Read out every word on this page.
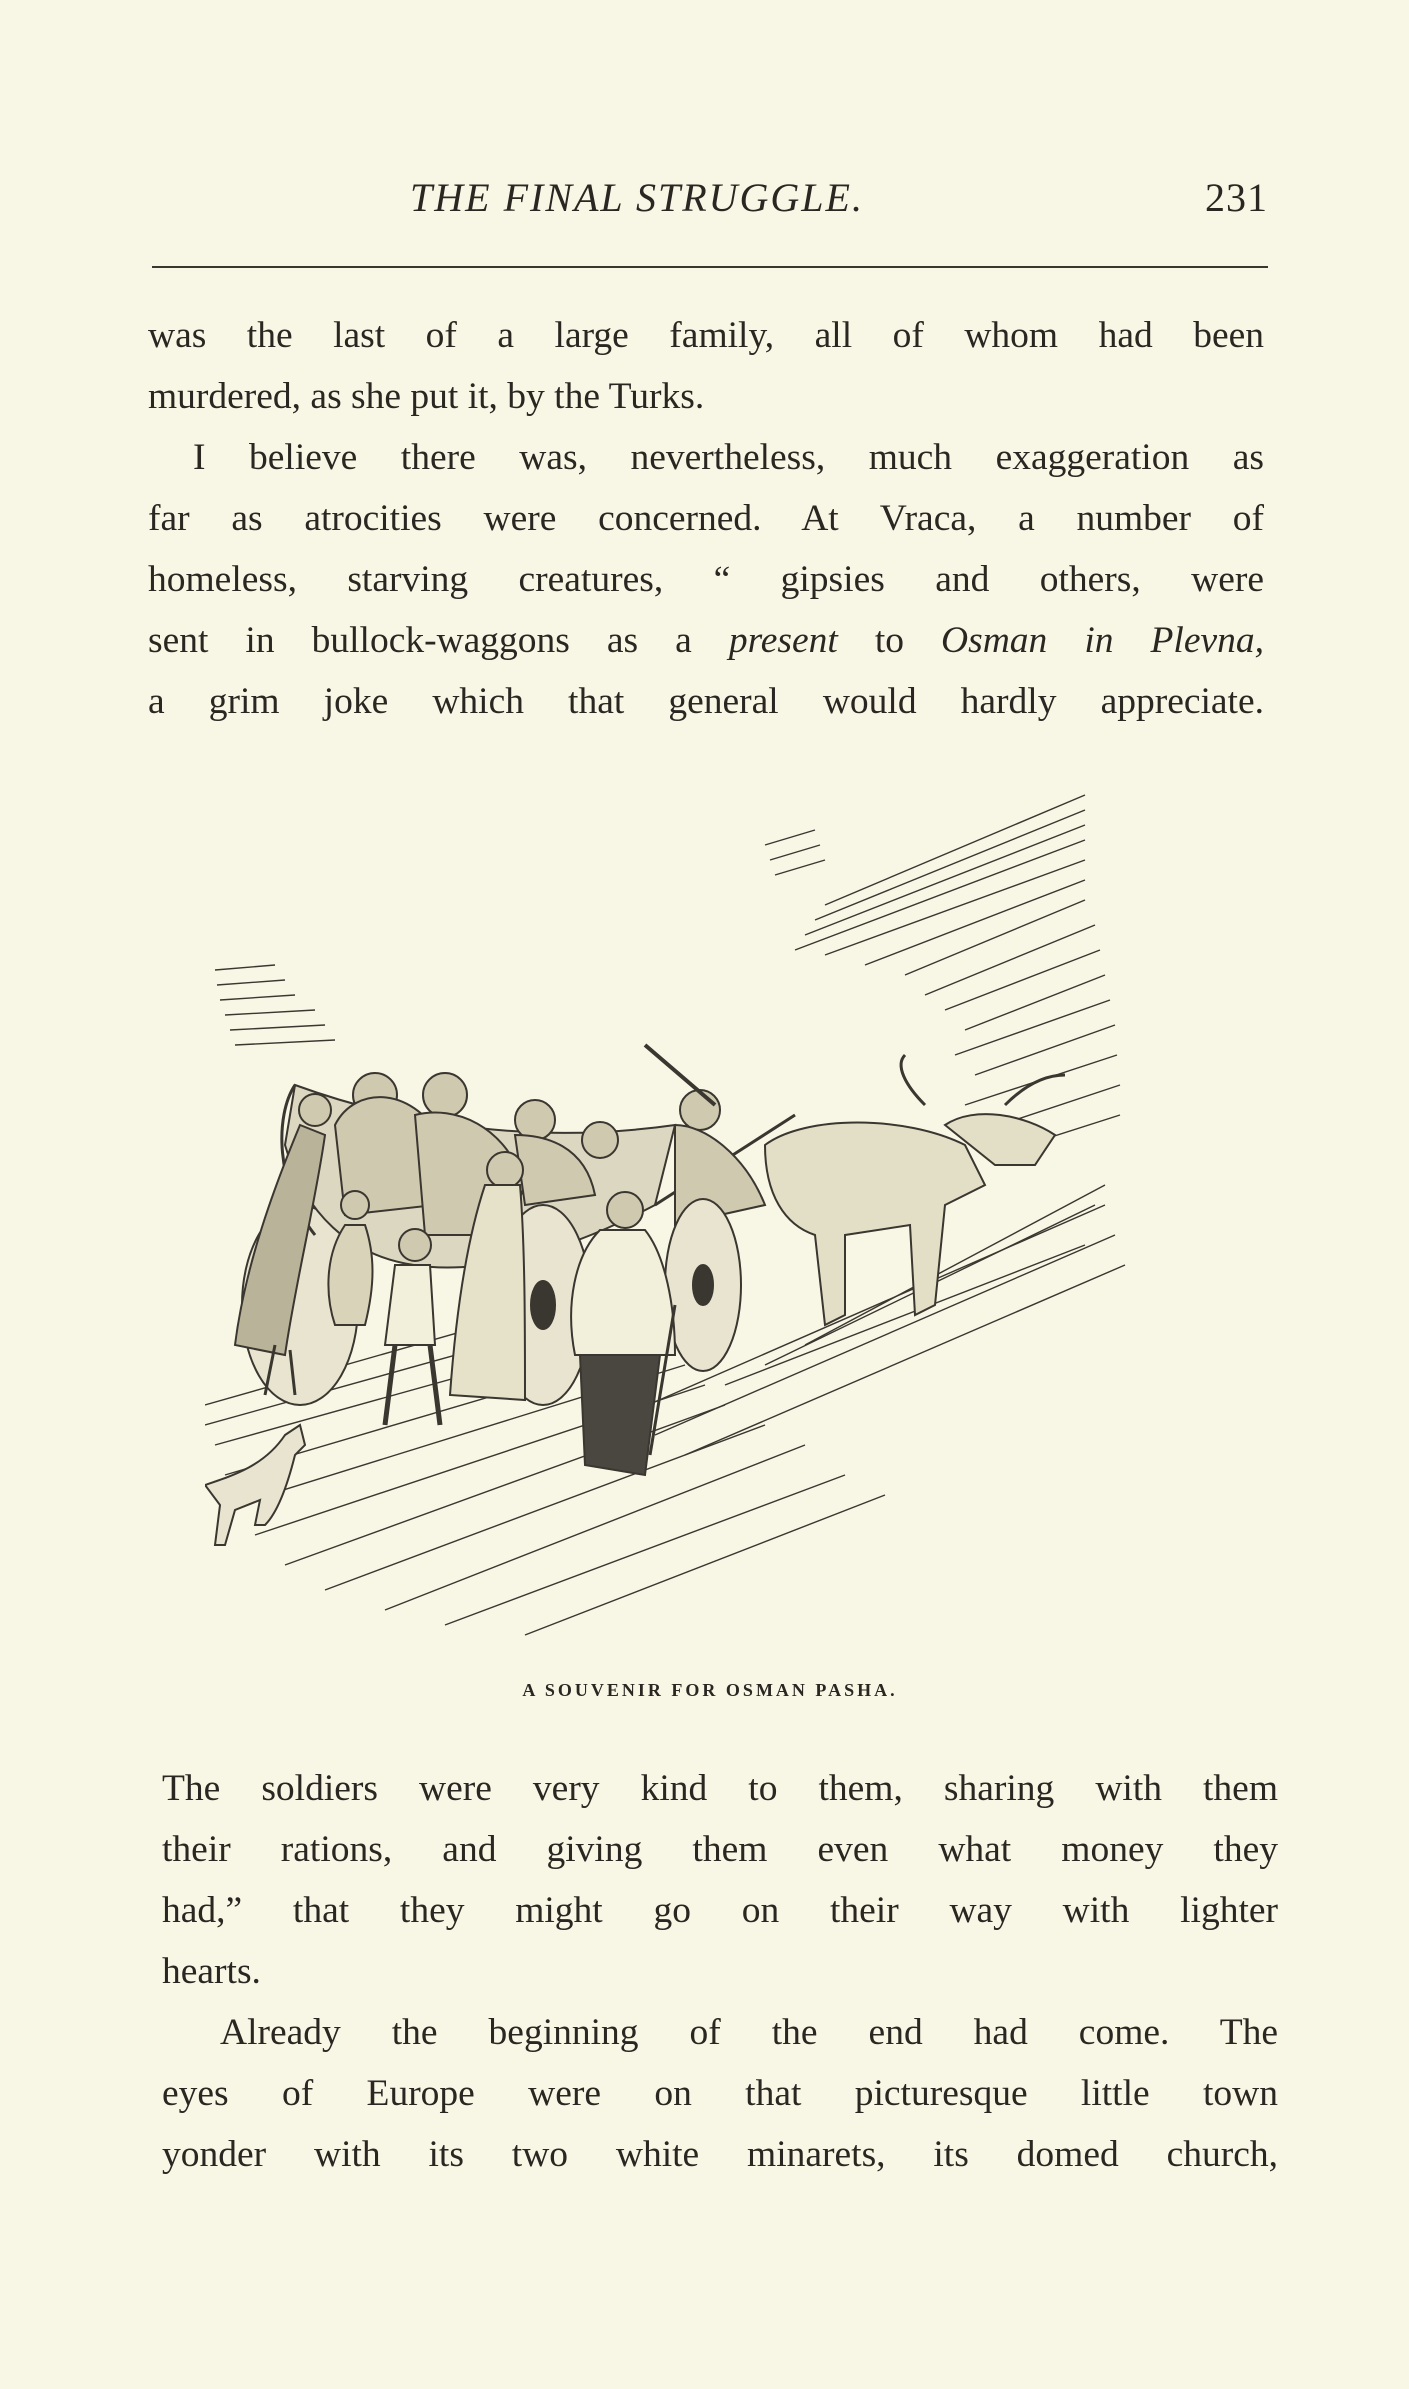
THE FINAL STRUGGLE.	231

was the last of a large family, all of whom had been
murdered, as she put it, by the Turks.

I believe there was, nevertheless, much exaggeration as
far as atrocities were concerned. At Vraca, a number of
homeless, starving creatures, “ gipsies and others, were
sent in bullock-waggons as a present to Osman in Plevna,
a grim joke which that general would hardly appreciate.

A SOUVENIR FOR OSMAN PASHA.

The soldiers were very kind to them, sharing with them
their rations, and giving them even what money they
had,” that they might go on their way with lighter
hearts.

Already the beginning of the end had come. The
eyes of Europe were on that picturesque little town
yonder with its two white minarets, its domed church,
